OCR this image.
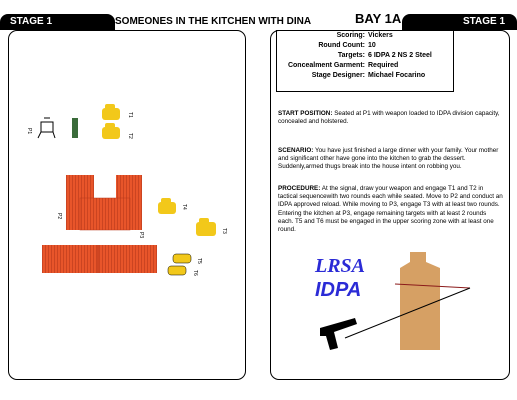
STAGE 1	STAGE 1
SOMEONES IN THE KITCHEN WITH DINA	BAY 1A
Scoring: Vickers
Round Count: 10
Targets: 6 IDPA 2 NS 2 Steel
Concealment Garment: Required
Stage Designer: Michael Focarino
START POSITION: Seated at P1 with weapon loaded to IDPA division capacity, concealed and holstered.
SCENARIO: You have just finished a large dinner with your family. Your mother and significant other have gone into the kitchen to grab the dessert. Suddenly,armed thugs break into the house intent on robbing you.
PROCEDURE: At the signal, draw your weapon and engage T1 and T2 in tactical sequencewith two rounds each while seated. Move to P2 and conduct an IDPA approved reload. While moving to P3, engage T3 with at least two rounds. Entering the kitchen at P3, engage remaining targets with at least 2 rounds each. T5 and T6 must be engaged in the upper scoring zone with at least one round.
P1
T1
T2
P2
P3
T4
T3
T5
T6	LRSA
IDPA
